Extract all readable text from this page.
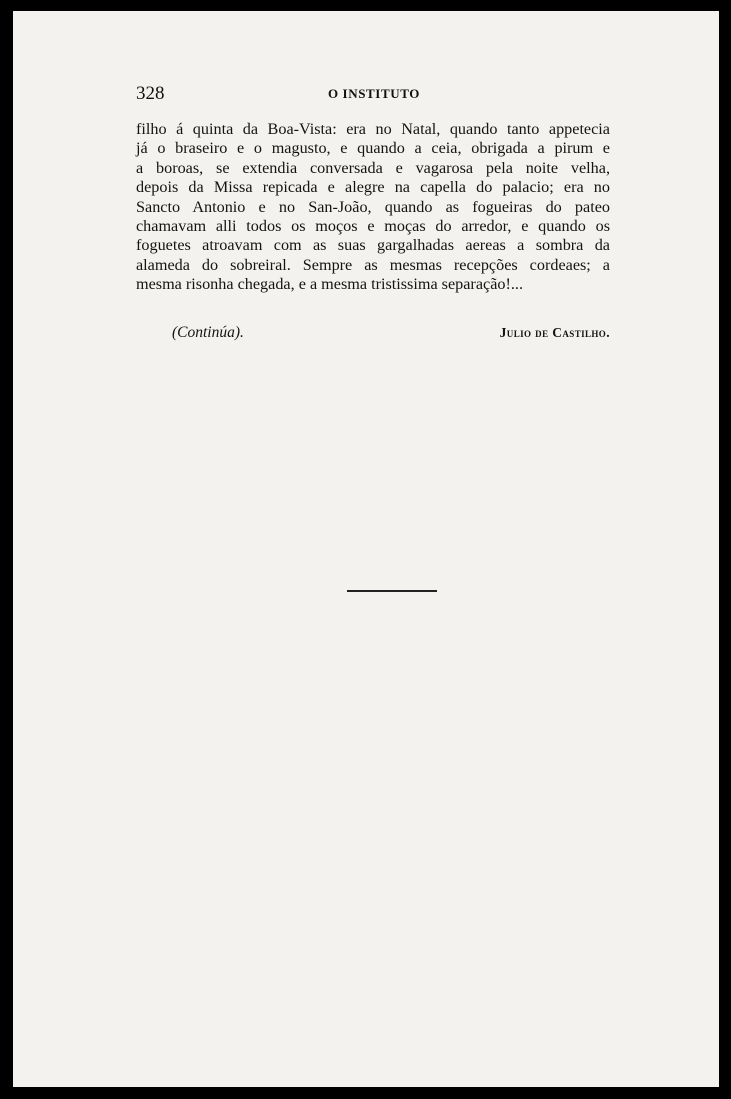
328	O INSTITUTO
filho á quinta da Boa-Vista: era no Natal, quando tanto appetecia
já o braseiro e o magusto, e quando a ceia, obrigada a pirum e
a boroas, se extendia conversada e vagarosa pela noite velha,
depois da Missa repicada e alegre na capella do palacio; era no
Sancto Antonio e no San-João, quando as fogueiras do pateo
chamavam alli todos os moços e moças do arredor, e quando os
foguetes atroavam com as suas gargalhadas aereas a sombra da
alameda do sobreiral. Sempre as mesmas recepções cordeaes; a
mesma risonha chegada, e a mesma tristissima separação!...
(Continúa).	Julio de Castilho.
